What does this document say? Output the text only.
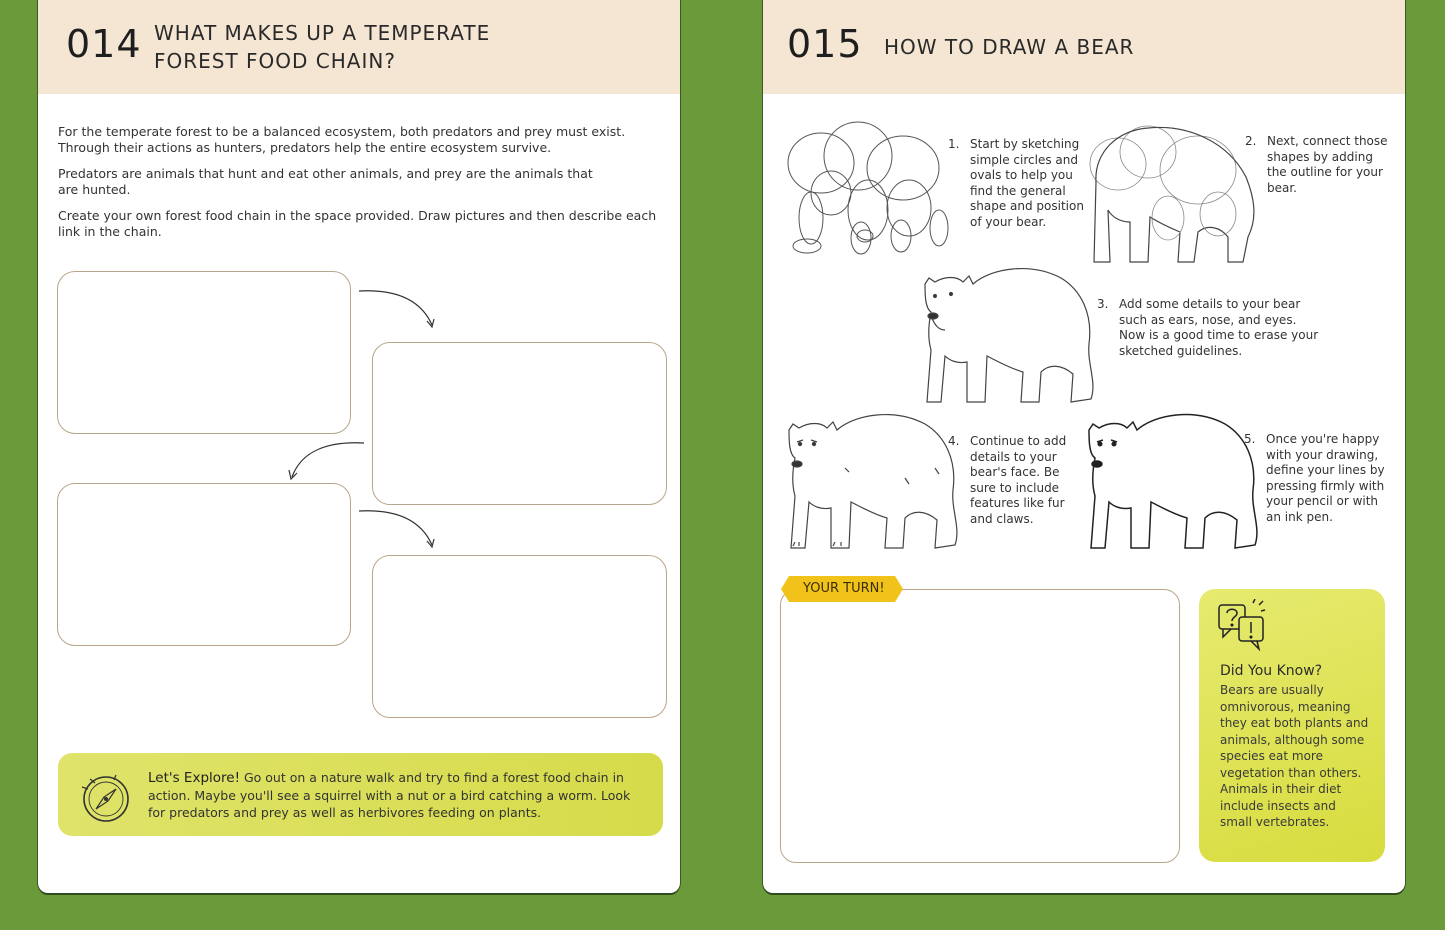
014 WHAT MAKES UP A TEMPERATE
FOREST FOOD CHAIN?

For the temperate forest to be a balanced ecosystem, both predators and prey must exist. Through their actions as hunters, predators help the entire ecosystem survive.

Predators are animals that hunt and eat other animals, and prey are the animals that are hunted.

Create your own forest food chain in the space provided. Draw pictures and then describe each link in the chain.

Let's Explore! Go out on a nature walk and try to find a forest food chain in action. Maybe you'll see a squirrel with a nut or a bird catching a worm. Look for predators and prey as well as herbivores feeding on plants.
015 HOW TO DRAW A BEAR
1. Start by sketching simple circles and ovals to help you find the general shape and position of your bear.
2. Next, connect those shapes by adding the outline for your bear.
3. Add some details to your bear such as ears, nose, and eyes. Now is a good time to erase your sketched guidelines.
4. Continue to add details to your bear's face. Be sure to include features like fur and claws.
5. Once you're happy with your drawing, define your lines by pressing firmly with your pencil or with an ink pen.
YOUR TURN!
Did You Know?
Bears are usually omnivorous, meaning they eat both plants and animals, although some species eat more vegetation than others. Animals in their diet include insects and small vertebrates.
